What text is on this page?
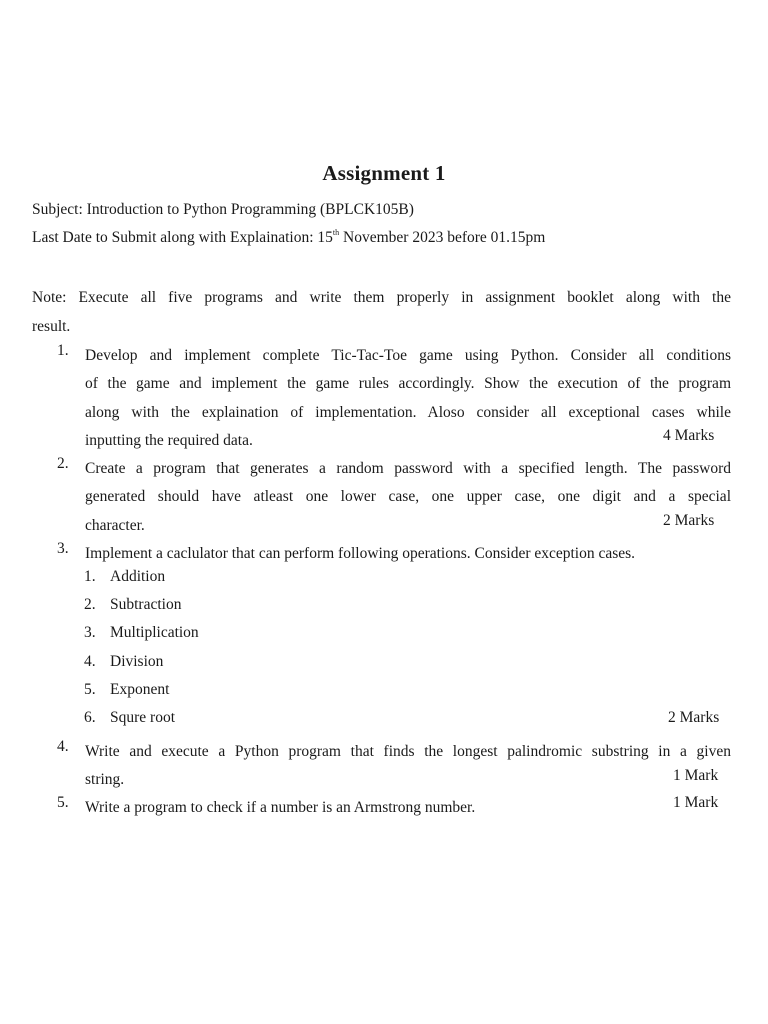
Assignment 1
Subject: Introduction to Python Programming (BPLCK105B)
Last Date to Submit along with Explaination: 15th November 2023 before 01.15pm
Note: Execute all five programs and write them properly in assignment booklet along with the
result.
1. Develop and implement complete Tic-Tac-Toe game using Python. Consider all conditions
of the game and implement the game rules accordingly. Show the execution of the program
along with the explaination of implementation. Aloso consider all exceptional cases while
inputting the required data.	4 Marks
2. Create a program that generates a random password with a specified length. The password
generated should have atleast one lower case, one upper case, one digit and a special
character.	2 Marks
3. Implement a caclulator that can perform following operations. Consider exception cases.
1. Addition
2. Subtraction
3. Multiplication
4. Division
5. Exponent
6. Squre root	2 Marks
4. Write and execute a Python program that finds the longest palindromic substring in a given
string.	1 Mark
5. Write a program to check if a number is an Armstrong number.	1 Mark
